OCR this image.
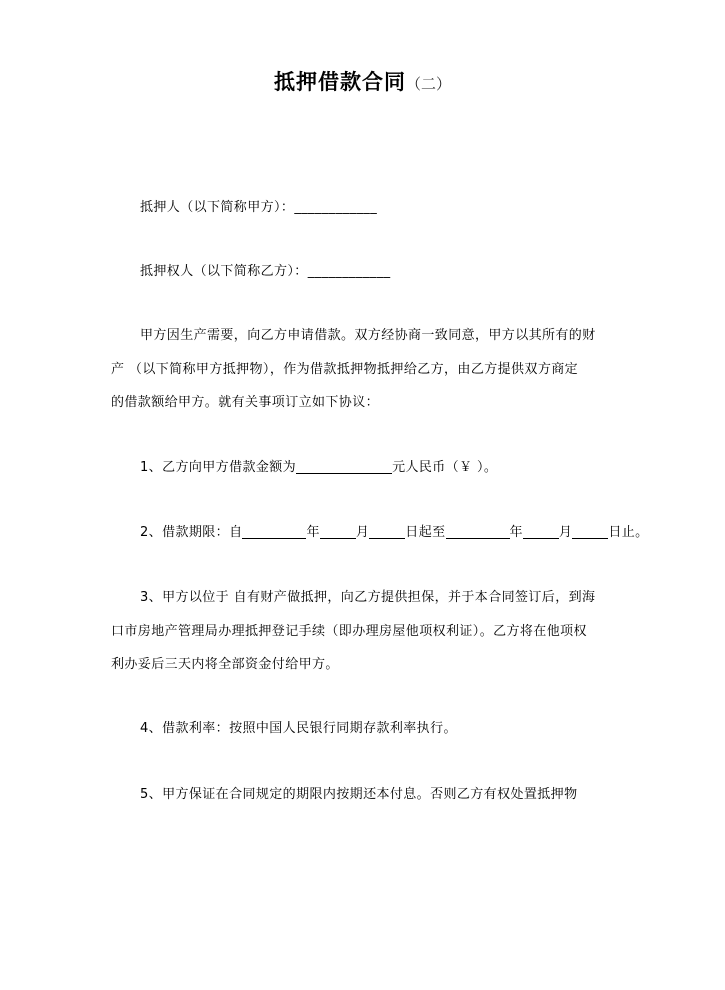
抵押借款合同（二）
抵押人（以下简称甲方）：____________
抵押权人（以下简称乙方）：____________
甲方因生产需要，向乙方申请借款。双方经协商一致同意，甲方以其所有的财
产 （以下简称甲方抵押物），作为借款抵押物抵押给乙方，由乙方提供双方商定
的借款额给甲方。就有关事项订立如下协议：
1、乙方向甲方借款金额为	元人民币（￥ ）。
2、借款期限：自	年	月	日起至	年	月	日止。
3、甲方以位于 自有财产做抵押，向乙方提供担保，并于本合同签订后，到海
口市房地产管理局办理抵押登记手续（即办理房屋他项权利证）。乙方将在他项权
利办妥后三天内将全部资金付给甲方。
4、借款利率：按照中国人民银行同期存款利率执行。
5、甲方保证在合同规定的期限内按期还本付息。否则乙方有权处置抵押物
